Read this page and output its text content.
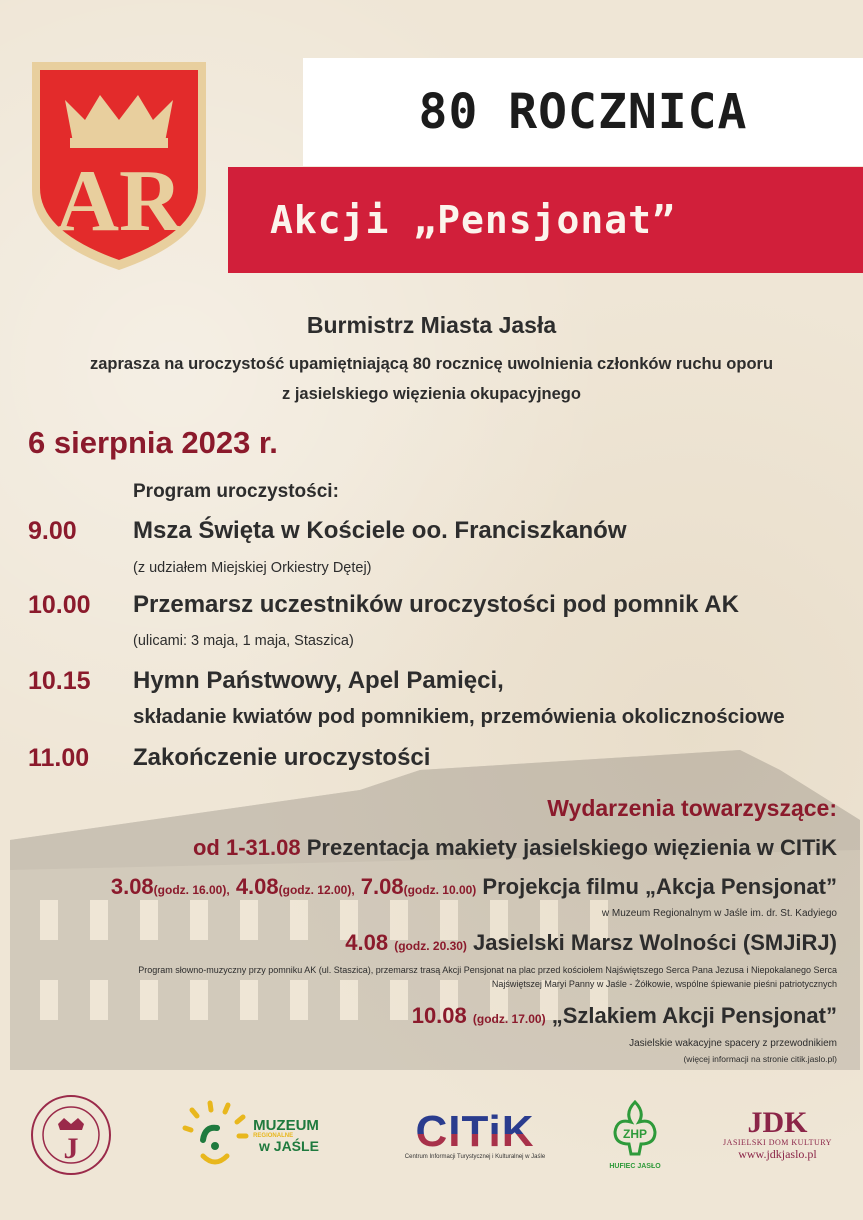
AR
80 ROCZNICA
Akcji „Pensjonat”
Burmistrz Miasta Jasła
zaprasza na uroczystość upamiętniającą 80 rocznicę uwolnienia członków ruchu oporu
z jasielskiego więzienia okupacyjnego
6 sierpnia 2023 r.
Program uroczystości:
9.00 Msza Święta w Kościele oo. Franciszkanów
(z udziałem Miejskiej Orkiestry Dętej)
10.00 Przemarsz uczestników uroczystości pod pomnik AK
(ulicami: 3 maja, 1 maja, Staszica)
10.15 Hymn Państwowy, Apel Pamięci,
składanie kwiatów pod pomnikiem, przemówienia okolicznościowe
11.00 Zakończenie uroczystości
Wydarzenia towarzyszące:
od 1-31.08 Prezentacja makiety jasielskiego więzienia w CITiK
3.08(godz. 16.00), 4.08(godz. 12.00), 7.08(godz. 10.00) Projekcja filmu „Akcja Pensjonat”
w Muzeum Regionalnym w Jaśle im. dr. St. Kadyiego
4.08 (godz. 20.30) Jasielski Marsz Wolności (SMJiRJ)
Program słowno-muzyczny przy pomniku AK (ul. Staszica), przemarsz trasą Akcji Pensjonat na plac przed kościołem Najświętszego Serca Pana Jezusa i Niepokalanego Serca
Najświętszej Maryi Panny w Jaśle - Żółkowie, wspólne śpiewanie pieśni patriotycznych
10.08 (godz. 17.00) „Szlakiem Akcji Pensjonat”
Jasielskie wakacyjne spacery z przewodnikiem
(więcej informacji na stronie citik.jaslo.pl)
J
MUZEUM
REGIONALNE
w JAŚLE CITiK
Centrum Informacji Turystycznej i Kulturalnej w Jaśle
ZHP
HUFIEC JASŁO
JDK
JASIELSKI DOM KULTURY
www.jdkjaslo.pl
